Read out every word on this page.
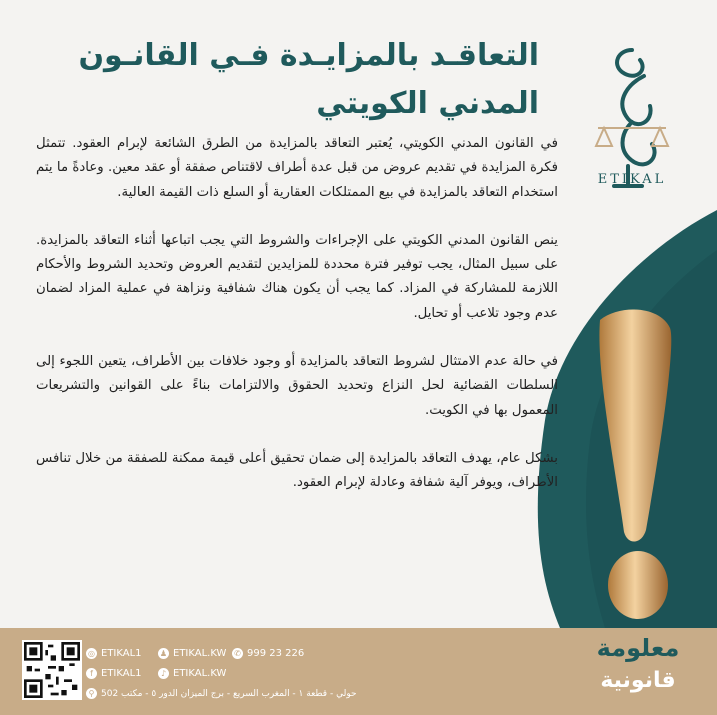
ETIKAL
التعاقـد بالمزايـدة فـي القانـون
المدني الكويتي

في القانون المدني الكويتي، يُعتبر التعاقد بالمزايدة من الطرق الشائعة لإبرام العقود. تتمثل فكرة المزايدة في تقديم عروض من قبل عدة أطراف لاقتناص صفقة أو عقد معين. وعادةً ما يتم استخدام التعاقد بالمزايدة في بيع الممتلكات العقارية أو السلع ذات القيمة العالية.

ينص القانون المدني الكويتي على الإجراءات والشروط التي يجب اتباعها أثناء التعاقد بالمزايدة. على سبيل المثال، يجب توفير فترة محددة للمزايدين لتقديم العروض وتحديد الشروط والأحكام اللازمة للمشاركة في المزاد. كما يجب أن يكون هناك شفافية ونزاهة في عملية المزاد لضمان عدم وجود تلاعب أو تحايل.

في حالة عدم الامتثال لشروط التعاقد بالمزايدة أو وجود خلافات بين الأطراف، يتعين اللجوء إلى السلطات القضائية لحل النزاع وتحديد الحقوق والالتزامات بناءً على القوانين والتشريعات المعمول بها في الكويت.

بشكل عام، يهدف التعاقد بالمزايدة إلى ضمان تحقيق أعلى قيمة ممكنة للصفقة من خلال تنافس الأطراف، ويوفر آلية شفافة وعادلة لإبرام العقود.

◎ ETIKAL1 ♟ ETIKAL.KW ✆ 999 23 226
f ETIKAL1	♪ ETIKAL.KW
⚲ حولي - قطعة ١ - المغرب السريع - برج الميزان الدور ٥ - مكتب 502
معلومة
قانونية
